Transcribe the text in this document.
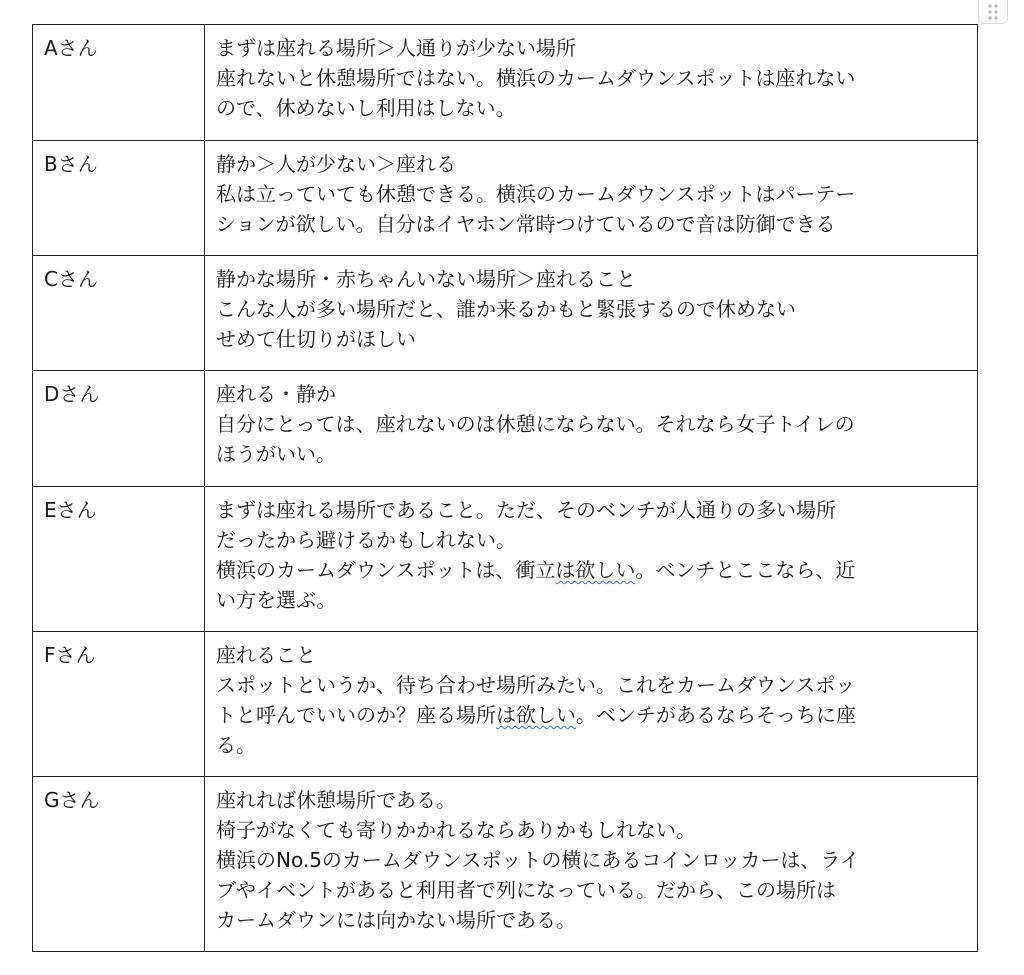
Aさん	まずは座れる場所＞人通りが少ない場所
座れないと休憩場所ではない。横浜のカームダウンスポットは座れない
ので、休めないし利用はしない。

Bさん	静か＞人が少ない＞座れる
私は立っていても休憩できる。横浜のカームダウンスポットはパーテー
ションが欲しい。自分はイヤホン常時つけているので音は防御できる

Cさん	静かな場所・赤ちゃんいない場所＞座れること
こんな人が多い場所だと、誰か来るかもと緊張するので休めない
せめて仕切りがほしい

Dさん	座れる・静か
自分にとっては、座れないのは休憩にならない。それなら女子トイレの
ほうがいい。

Eさん	まずは座れる場所であること。ただ、そのベンチが人通りの多い場所
だったから避けるかもしれない。
横浜のカームダウンスポットは、衝立は欲しい。ベンチとここなら、近
い方を選ぶ。

Fさん	座れること
スポットというか、待ち合わせ場所みたい。これをカームダウンスポッ
トと呼んでいいのか？座る場所は欲しい。ベンチがあるならそっちに座
る。

Gさん	座れれば休憩場所である。
椅子がなくても寄りかかれるならありかもしれない。
横浜のNo.5のカームダウンスポットの横にあるコインロッカーは、ライ
ブやイベントがあると利用者で列になっている。だから、この場所は
カームダウンには向かない場所である。
